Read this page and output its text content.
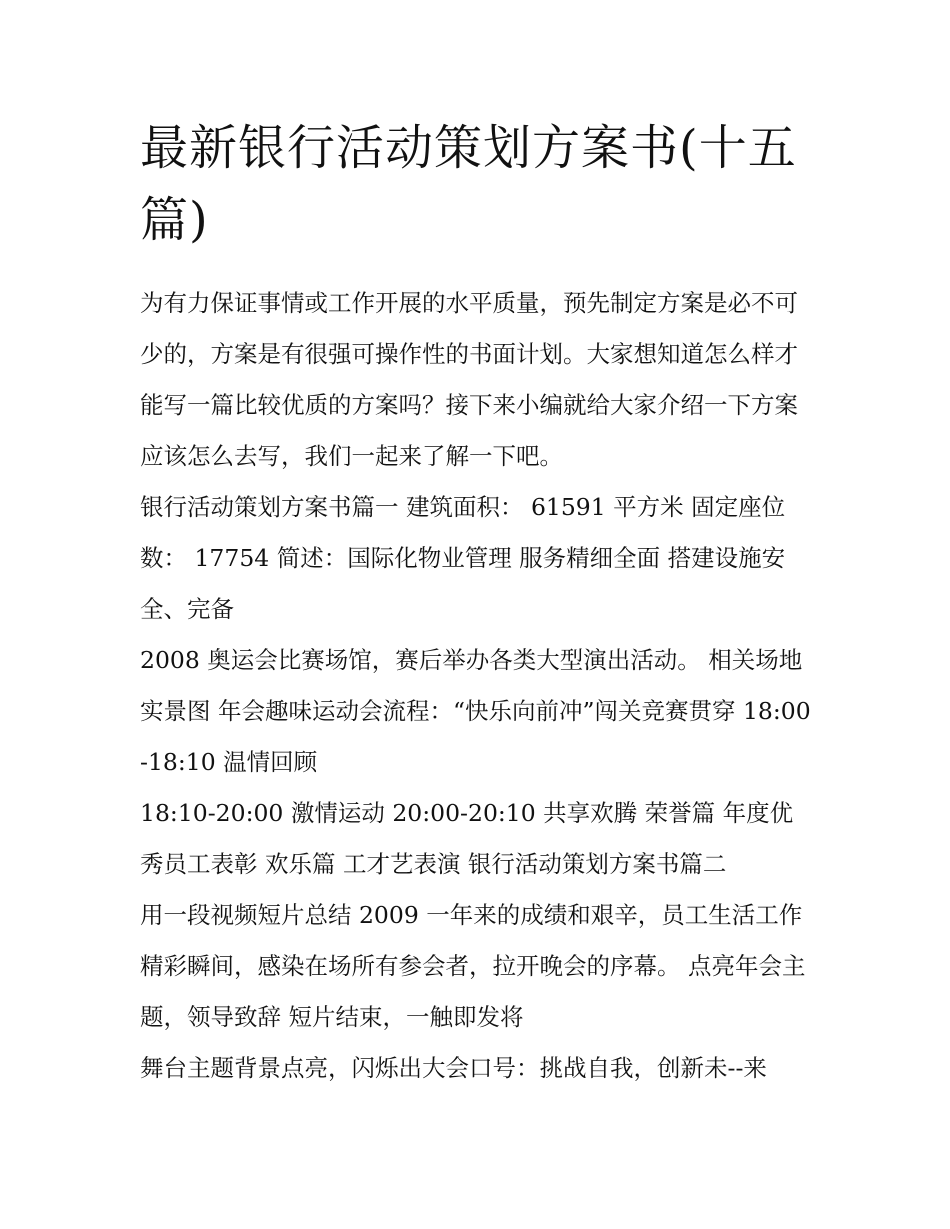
最新银行活动策划方案书(十五篇)

为有力保证事情或工作开展的水平质量，预先制定方案是必不可少的，方案是有很强可操作性的书面计划。大家想知道怎么样才能写一篇比较优质的方案吗？接下来小编就给大家介绍一下方案应该怎么去写，我们一起来了解一下吧。

银行活动策划方案书篇一 建筑面积： 61591 平方米 固定座位数： 17754 简述：国际化物业管理 服务精细全面 搭建设施安全、完备

2008 奥运会比赛场馆，赛后举办各类大型演出活动。 相关场地实景图 年会趣味运动会流程：“快乐向前冲”闯关竞赛贯穿 18:00-18:10 温情回顾

18:10-20:00 激情运动 20:00-20:10 共享欢腾 荣誉篇 年度优秀员工表彰 欢乐篇 工才艺表演 银行活动策划方案书篇二

用一段视频短片总结 2009 一年来的成绩和艰辛，员工生活工作精彩瞬间，感染在场所有参会者，拉开晚会的序幕。 点亮年会主题，领导致辞 短片结束，一触即发将

舞台主题背景点亮，闪烁出大会口号：挑战自我，创新未--来
